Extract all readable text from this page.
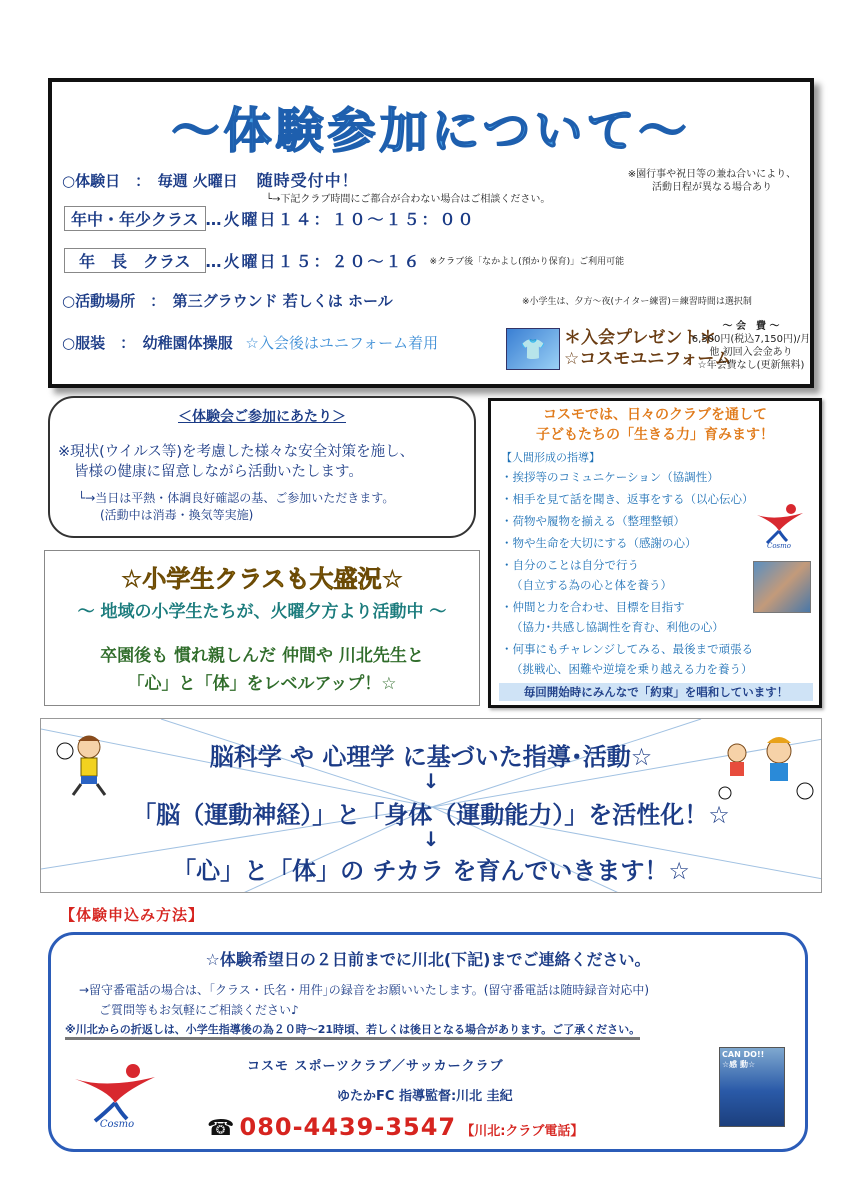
～体験参加について～
○体験日　：　毎週 火曜日 随時受付中！
└→下記クラブ時間にご都合が合わない場合はご相談ください。
※園行事や祝日等の兼ね合いにより、
活動日程が異なる場合あり
年中・年少クラス …火曜日１４：１０～１５：００
年　長　クラス …火曜日１５：２０～１６ ※クラブ後「なかよし(預かり保育)」ご利用可能
○活動場所　：　第三グラウンド 若しくは ホール	※小学生は、夕方～夜(ナイター練習)＝練習時間は選択制
○服装　：　幼稚園体操服 ☆入会後はユニフォーム着用	👕	＊入会プレゼント＊
☆コスモユニフォーム
～ 会　費 ～
6,500円(税込7,150円)/月
他 初回入会金あり
☆年会費なし(更新無料)
＜体験会ご参加にあたり＞
※現状(ウイルス等)を考慮した様々な安全対策を施し、
皆様の健康に留意しながら活動いたします。
└→当日は平熱・体調良好確認の基、ご参加いただきます。
(活動中は消毒・換気等実施)
☆小学生クラスも大盛況☆
～ 地域の小学生たちが、火曜夕方より活動中 ～
卒園後も 慣れ親しんだ 仲間や 川北先生と
「心」と「体」をレベルアップ！☆
コスモでは、日々のクラブを通して
子どもたちの「生きる力」育みます！
【人間形成の指導】
・挨拶等のコミュニケーション（協調性）
・相手を見て話を聞き、返事をする（以心伝心）
・荷物や履物を揃える（整理整頓）
・物や生命を大切にする（感謝の心）
・自分のことは自分で行う
（自立する為の心と体を養う）
・仲間と力を合わせ、目標を目指す
（協力･共感し協調性を育む、利他の心）
・何事にもチャレンジしてみる、最後まで頑張る
（挑戦心、困難や逆境を乗り越える力を養う）
Cosmo
毎回開始時にみんなで「約束」を唱和しています！
脳科学 や 心理学 に基づいた指導･活動☆
↓
「脳（運動神経）」と「身体（運動能力）」を活性化！☆
↓
「心」と「体」の チカラ を育んでいきます！☆
【体験申込み方法】
☆体験希望日の２日前までに川北(下記)までご連絡ください。
→留守番電話の場合は、｢クラス・氏名・用件｣の録音をお願いいたします。(留守番電話は随時録音対応中)
ご質問等もお気軽にご相談ください♪
※川北からの折返しは、小学生指導後の為２０時～21時頃、若しくは後日となる場合があります。ご了承ください。
Cosmo
コスモ スポーツクラブ／サッカークラブ
ゆたかFC 指導監督:川北 圭紀
☎ 080-4439-3547 【川北:クラブ電話】
CAN DO!!
☆感 動☆
